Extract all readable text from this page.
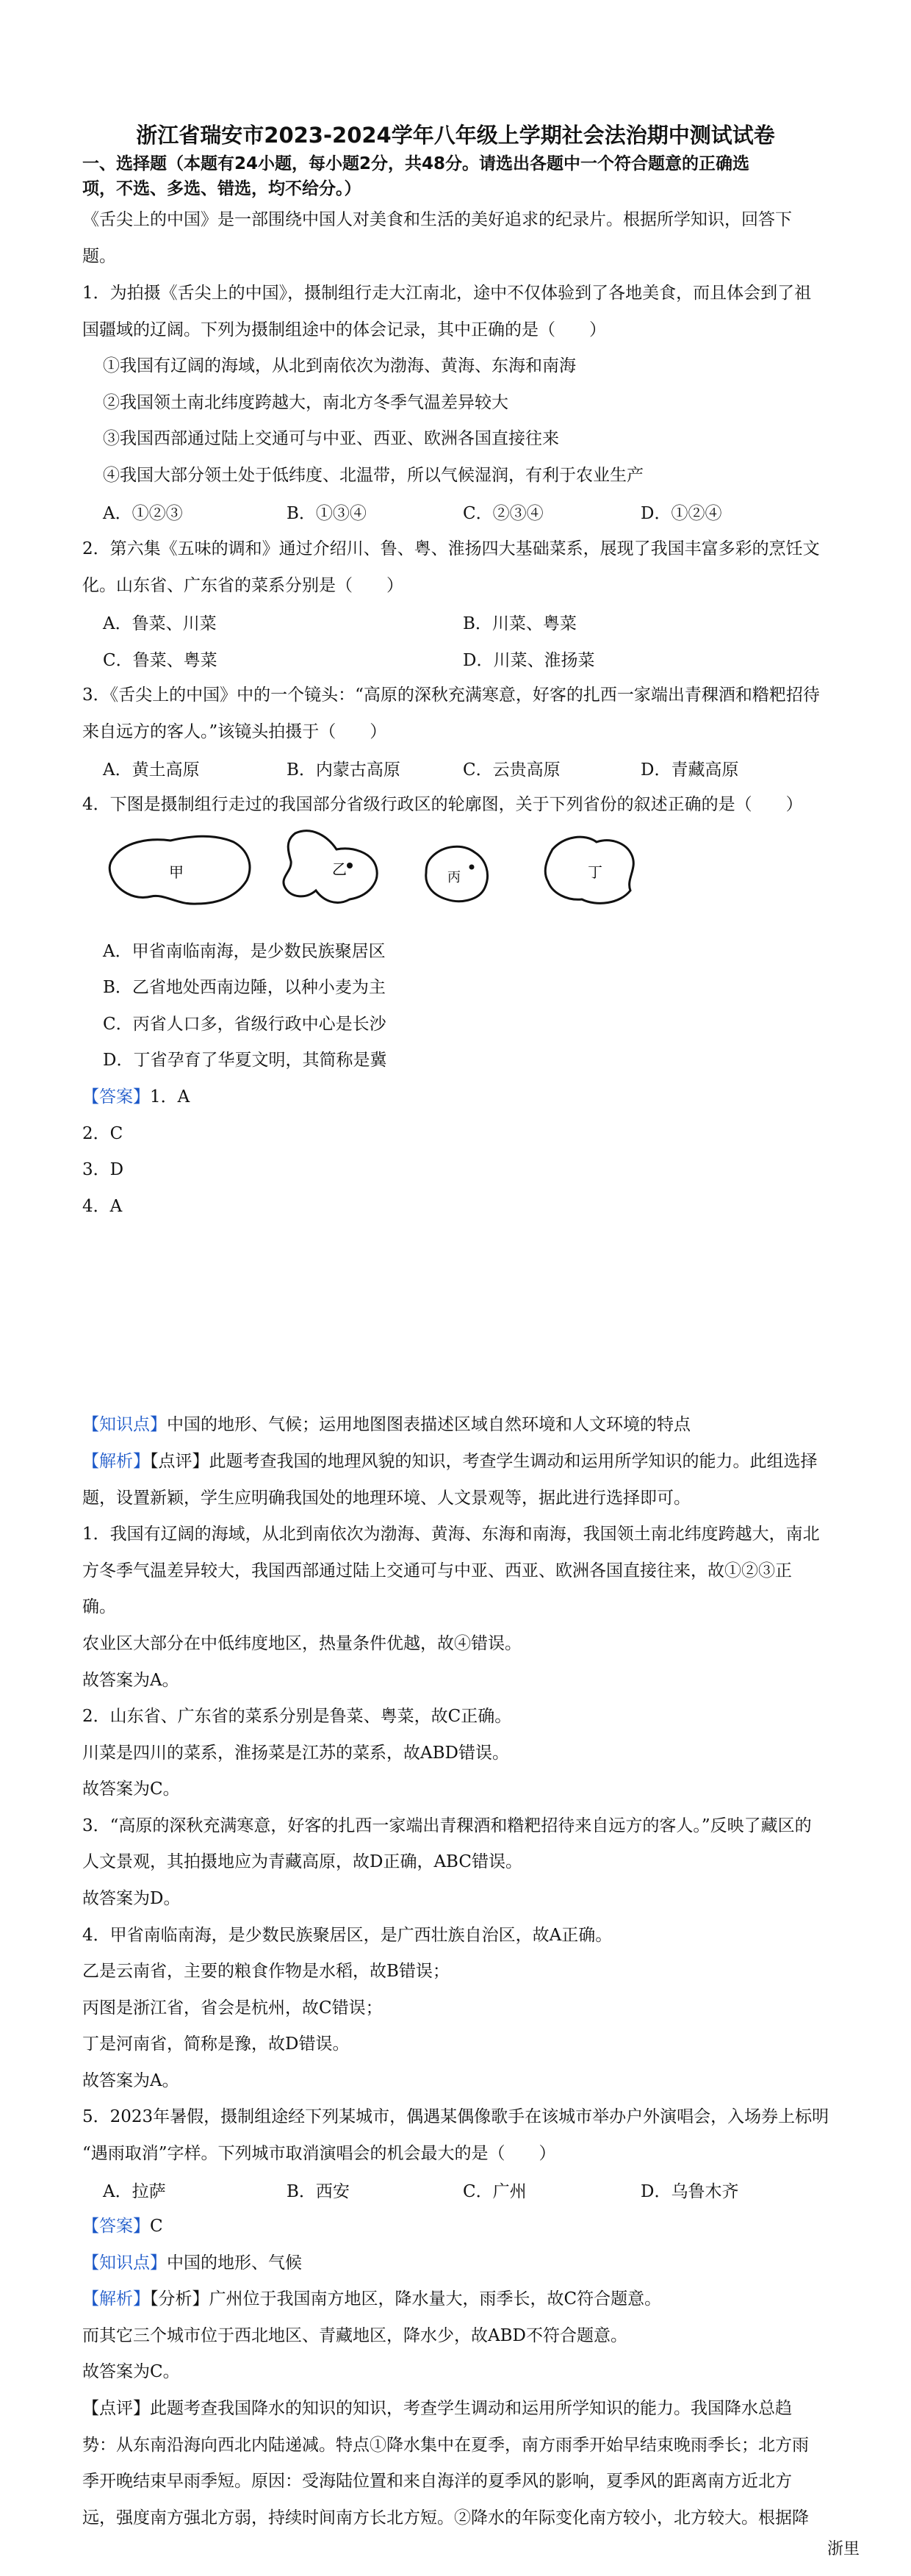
浙江省瑞安市2023-2024学年八年级上学期社会法治期中测试试卷
一、选择题（本题有24小题，每小题2分，共48分。请选出各题中一个符合题意的正确选
项，不选、多选、错选，均不给分。）
《舌尖上的中国》是一部围绕中国人对美食和生活的美好追求的纪录片。根据所学知识，回答下
题。
1．为拍摄《舌尖上的中国》，摄制组行走大江南北，途中不仅体验到了各地美食，而且体会到了祖
国疆域的辽阔。下列为摄制组途中的体会记录，其中正确的是（　　）
①我国有辽阔的海域，从北到南依次为渤海、黄海、东海和南海
②我国领土南北纬度跨越大，南北方冬季气温差异较大
③我国西部通过陆上交通可与中亚、西亚、欧洲各国直接往来
④我国大部分领土处于低纬度、北温带，所以气候湿润，有利于农业生产
A．①②③	B．①③④	C．②③④	D．①②④
2．第六集《五味的调和》通过介绍川、鲁、粤、淮扬四大基础菜系，展现了我国丰富多彩的烹饪文
化。山东省、广东省的菜系分别是（　　）
A．鲁菜、川菜	B．川菜、粤菜
C．鲁菜、粤菜	D．川菜、淮扬菜
3．《舌尖上的中国》中的一个镜头：“高原的深秋充满寒意，好客的扎西一家端出青稞酒和糌粑招待
来自远方的客人。”该镜头拍摄于（　　）
A．黄土高原	B．内蒙古高原	C．云贵高原	D．青藏高原
4．下图是摄制组行走过的我国部分省级行政区的轮廓图，关于下列省份的叙述正确的是（　　）
甲	乙	丙	丁
A．甲省南临南海，是少数民族聚居区
B．乙省地处西南边陲，以种小麦为主
C．丙省人口多，省级行政中心是长沙
D．丁省孕育了华夏文明，其简称是冀
【答案】1．A
2．C
3．D
4．A
【知识点】中国的地形、气候；运用地图图表描述区域自然环境和人文环境的特点
【解析】【点评】此题考查我国的地理风貌的知识，考查学生调动和运用所学知识的能力。此组选择
题，设置新颖，学生应明确我国处的地理环境、人文景观等，据此进行选择即可。
1．我国有辽阔的海域，从北到南依次为渤海、黄海、东海和南海，我国领土南北纬度跨越大，南北
方冬季气温差异较大，我国西部通过陆上交通可与中亚、西亚、欧洲各国直接往来，故①②③正
确。
农业区大部分在中低纬度地区，热量条件优越，故④错误。
故答案为A。
2．山东省、广东省的菜系分别是鲁菜、粤菜，故C正确。
川菜是四川的菜系，淮扬菜是江苏的菜系，故ABD错误。
故答案为C。
3．“高原的深秋充满寒意，好客的扎西一家端出青稞酒和糌粑招待来自远方的客人。”反映了藏区的
人文景观，其拍摄地应为青藏高原，故D正确，ABC错误。
故答案为D。
4．甲省南临南海，是少数民族聚居区，是广西壮族自治区，故A正确。
乙是云南省，主要的粮食作物是水稻，故B错误；
丙图是浙江省，省会是杭州，故C错误；
丁是河南省，简称是豫，故D错误。
故答案为A。
5．2023年暑假，摄制组途经下列某城市，偶遇某偶像歌手在该城市举办户外演唱会，入场券上标明
“遇雨取消”字样。下列城市取消演唱会的机会最大的是（　　）
A．拉萨	B．西安	C．广州	D．乌鲁木齐
【答案】C
【知识点】中国的地形、气候
【解析】【分析】广州位于我国南方地区，降水量大，雨季长，故C符合题意。
而其它三个城市位于西北地区、青藏地区，降水少，故ABD不符合题意。
故答案为C。
【点评】此题考查我国降水的知识的知识，考查学生调动和运用所学知识的能力。我国降水总趋
势：从东南沿海向西北内陆递减。特点①降水集中在夏季，南方雨季开始早结束晚雨季长；北方雨
季开晚结束早雨季短。原因：受海陆位置和来自海洋的夏季风的影响，夏季风的距离南方近北方
远，强度南方强北方弱，持续时间南方长北方短。②降水的年际变化南方较小，北方较大。根据降
浙里
